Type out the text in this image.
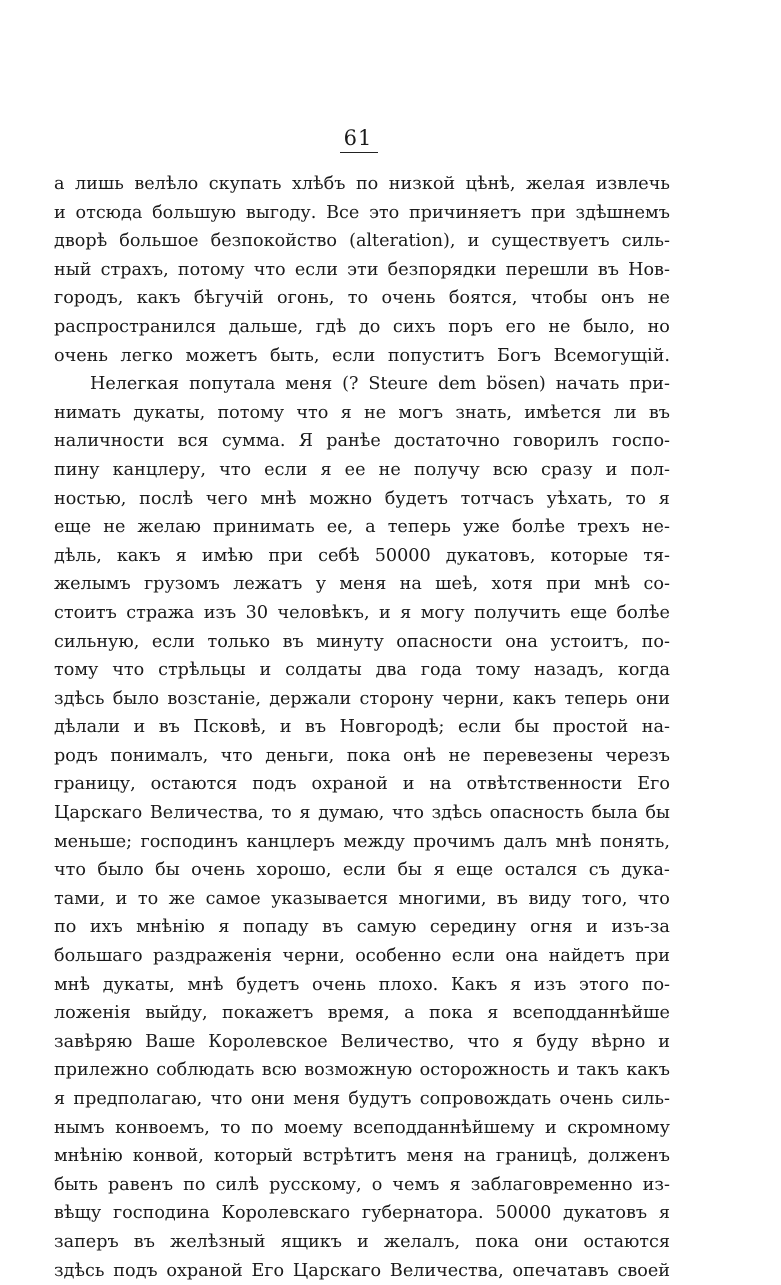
61
а лишь велѣло скупать хлѣбъ по низкой цѣнѣ, желая извлечь
и отсюда большую выгоду. Все это причиняетъ при здѣшнемъ
дворѣ большое безпокойство (alteration), и существуетъ силь-
ный страхъ, потому что если эти безпорядки перешли въ Нов-
городъ, какъ бѣгучій огонь, то очень боятся, чтобы онъ не
распространился дальше, гдѣ до сихъ поръ его не было, но
очень легко можетъ быть, если попуститъ Богъ Всемогущій.
Нелегкая попутала меня (? Steure dem bösen) начать при-
нимать дукаты, потому что я не могъ знать, имѣется ли въ
наличности вся сумма. Я ранѣе достаточно говорилъ госпо-
пину канцлеру, что если я ее не получу всю сразу и пол-
ностью, послѣ чего мнѣ можно будетъ тотчасъ уѣхать, то я
еще не желаю принимать ее, а теперь уже болѣе трехъ не-
дѣль, какъ я имѣю при себѣ 50000 дукатовъ, которые тя-
желымъ грузомъ лежатъ у меня на шеѣ, хотя при мнѣ со-
стоитъ стража изъ 30 человѣкъ, и я могу получить еще болѣе
сильную, если только въ минуту опасности она устоитъ, по-
тому что стрѣльцы и солдаты два года тому назадъ, когда
здѣсь было возстаніе, держали сторону черни, какъ теперь они
дѣлали и въ Псковѣ, и въ Новгородѣ; если бы простой на-
родъ понималъ, что деньги, пока онѣ не перевезены черезъ
границу, остаются подъ охраной и на отвѣтственности Его
Царскаго Величества, то я думаю, что здѣсь опасность была бы
меньше; господинъ канцлеръ между прочимъ далъ мнѣ понять,
что было бы очень хорошо, если бы я еще остался съ дука-
тами, и то же самое указывается многими, въ виду того, что
по ихъ мнѣнію я попаду въ самую середину огня и изъ-за
большаго раздраженія черни, особенно если она найдетъ при
мнѣ дукаты, мнѣ будетъ очень плохо. Какъ я изъ этого по-
ложенія выйду, покажетъ время, а пока я всеподданнѣйше
завѣряю Ваше Королевское Величество, что я буду вѣрно и
прилежно соблюдать всю возможную осторожность и такъ какъ
я предполагаю, что они меня будутъ сопровождать очень силь-
нымъ конвоемъ, то по моему всеподданнѣйшему и скромному
мнѣнію конвой, который встрѣтитъ меня на границѣ, долженъ
быть равенъ по силѣ русскому, о чемъ я заблаговременно из-
вѣщу господина Королевскаго губернатора. 50000 дукатовъ я
заперъ въ желѣзный ящикъ и желалъ, пока они остаются
здѣсь подъ охраной Его Царскаго Величества, опечатавъ своей
